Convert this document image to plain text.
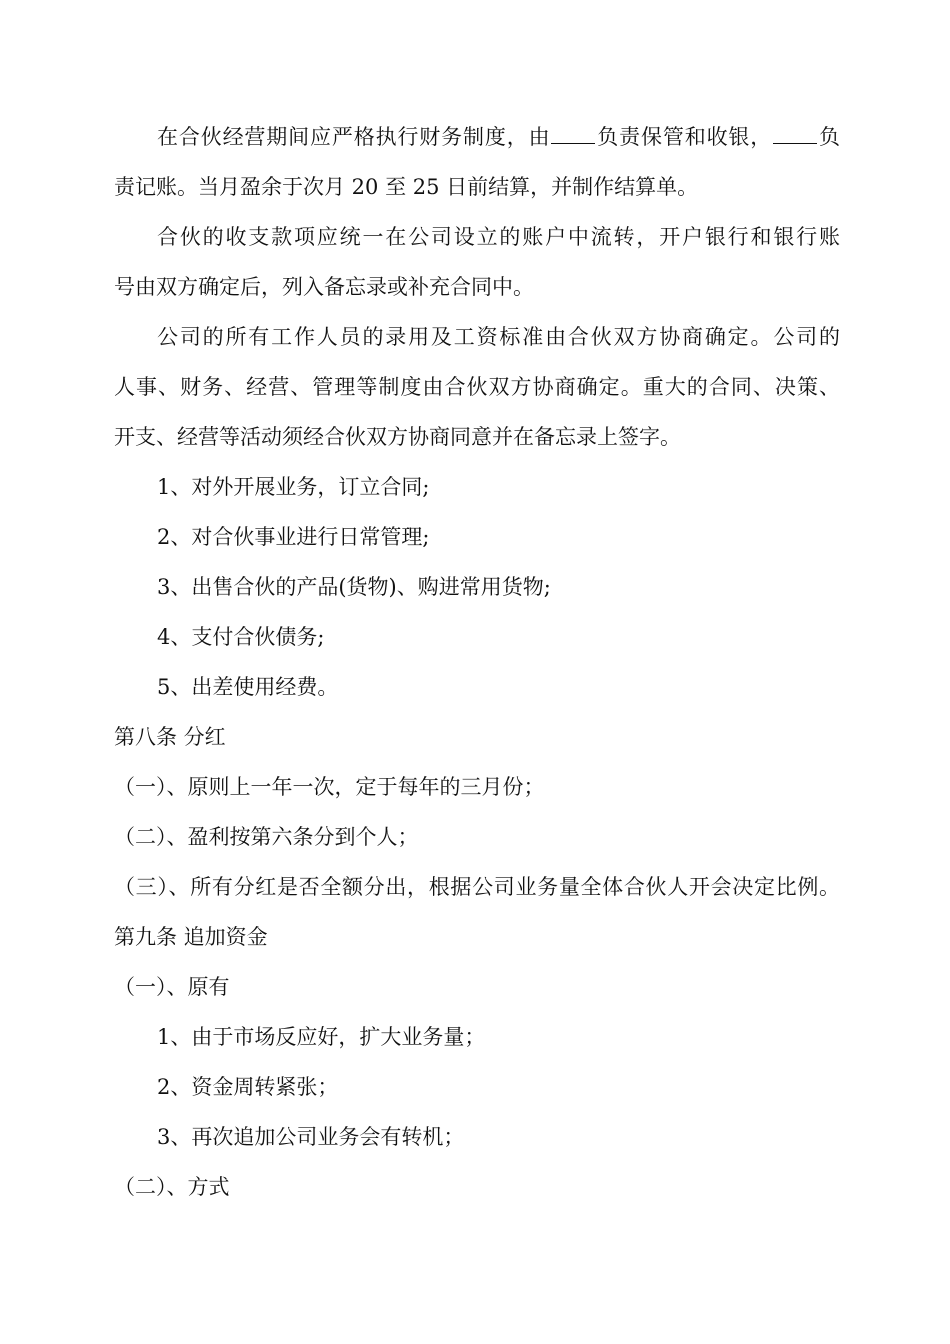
在合伙经营期间应严格执行财务制度，由 负责保管和收银， 负
责记账。当月盈余于次月 20 至 25 日前结算，并制作结算单。
合伙的收支款项应统一在公司设立的账户中流转，开户银行和银行账
号由双方确定后，列入备忘录或补充合同中。
公司的所有工作人员的录用及工资标准由合伙双方协商确定。公司的
人事、财务、经营、管理等制度由合伙双方协商确定。重大的合同、决策、
开支、经营等活动须经合伙双方协商同意并在备忘录上签字。
1、对外开展业务，订立合同;
2、对合伙事业进行日常管理;
3、出售合伙的产品(货物)、购进常用货物;
4、支付合伙债务;
5、出差使用经费。
第八条 分红
（一）、原则上一年一次，定于每年的三月份；
（二）、盈利按第六条分到个人；
（三）、所有分红是否全额分出，根据公司业务量全体合伙人开会决定比例。
第九条 追加资金
（一）、原有
1、由于市场反应好，扩大业务量；
2、资金周转紧张；
3、再次追加公司业务会有转机；
（二）、方式
